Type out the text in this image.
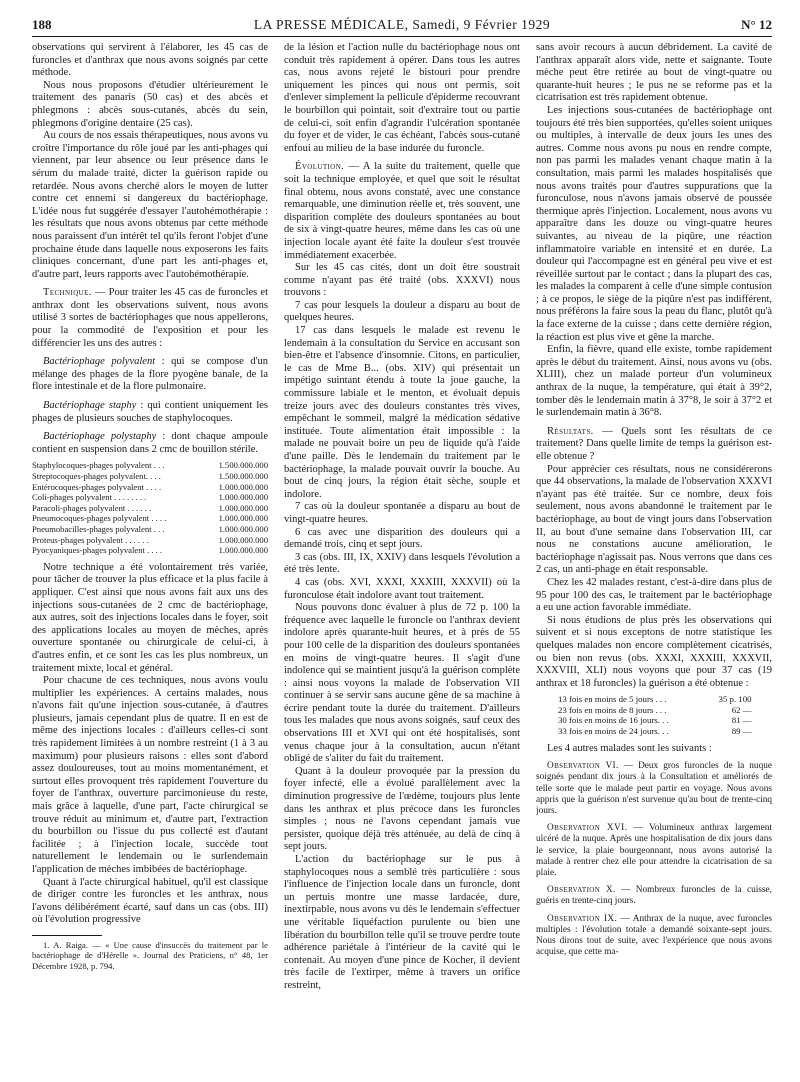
188	LA PRESSE MÉDICALE, Samedi, 9 Février 1929	N° 12

observations qui servirent à l'élaborer, les 45 cas de furoncles et d'anthrax que nous avons soignés par cette méthode.

Nous nous proposons d'étudier ultérieurement le traitement des panaris (50 cas) et des abcès et phlegmons : abcès sous-cutanés, abcès du sein, phlegmons d'origine dentaire (25 cas).

Au cours de nos essais thérapeutiques, nous avons vu croître l'importance du rôle joué par les anti-phages qui viennent, par leur absence ou leur présence dans le sérum du malade traité, dicter la guérison rapide ou retardée. Nous avons cherché alors le moyen de lutter contre cet ennemi si dangereux du bactériophage. L'idée nous fut suggérée d'essayer l'autohémothérapie : les résultats que nous avons obtenus par cette méthode nous paraissent d'un intérêt tel qu'ils feront l'objet d'une prochaine étude dans laquelle nous exposerons les faits cliniques concernant, d'une part les anti-phages et, d'autre part, leurs rapports avec l'autohémothérapie.

Technique. — Pour traiter les 45 cas de furoncles et anthrax dont les observations suivent, nous avons utilisé 3 sortes de bactériophages que nous appellerons, pour la commodité de l'exposition et pour les différencier les uns des autres :

Bactériophage polyvalent : qui se compose d'un mélange des phages de la flore pyogène banale, de la flore intestinale et de la flore pulmonaire.

Bactériophage staphy : qui contient uniquement les phages de plusieurs souches de staphylocoques.

Bactériophage polystaphy : dont chaque ampoule contient en suspension dans 2 cmc de bouillon stérile.

Staphylocoques-phages polyvalent . . .	1.500.000.000
Streptocoques-phages polyvalent. . . .	1.500.000.000
Entérocoques-phages polyvalent . . . .	1.000.000.000
Coli-phages polyvalent . . . . . . . .	1.000.000.000
Paracoli-phages polyvalent . . . . . .	1.000.000.000
Pneumocoques-phages polyvalent . . . .	1.000.000.000
Pneumobacilles-phages polyvalent . . .	1.000.000.000
Proteus-phages polyvalent . . . . . .	1.000.000.000
Pyocyaniques-phages polyvalent . . . .	1.000.000.000

Notre technique a été volontairement très variée, pour tâcher de trouver la plus efficace et la plus facile à appliquer. C'est ainsi que nous avons fait aux uns des injections sous-cutanées de 2 cmc de bactériophage, aux autres, soit des injections locales dans le foyer, soit des applications locales au moyen de mèches, après ouverture spontanée ou chirurgicale de celui-ci, à d'autres enfin, et ce sont les cas les plus nombreux, un traitement mixte, local et général.

Pour chacune de ces techniques, nous avons voulu multiplier les expériences. A certains malades, nous n'avons fait qu'une injection sous-cutanée, à d'autres plusieurs, jamais cependant plus de quatre. Il en est de même des injections locales : d'ailleurs celles-ci sont très rapidement limitées à un nombre restreint (1 à 3 au maximum) pour plusieurs raisons : elles sont d'abord assez douloureuses, tout au moins momentanément, et surtout elles provoquent très rapidement l'ouverture du foyer de l'anthrax, ouverture parcimonieuse du reste, mais grâce à laquelle, d'une part, l'acte chirurgical se trouve réduit au minimum et, d'autre part, l'extraction du bourbillon ou l'issue du pus collecté est d'autant facilitée ; à l'injection locale, succède tout naturellement le lendemain ou le surlendemain l'application de mèches imbibées de bactériophage.

Quant à l'acte chirurgical habituel, qu'il est classique de diriger contre les furoncles et les anthrax, nous l'avons délibérément écarté, sauf dans un cas (obs. III) où l'évolution progressive

1. A. Raiga. — « Une cause d'insuccès du traitement par le bactériophage de d'Hérelle ». Journal des Praticiens, n° 48, 1er Décembre 1928, p. 794.

de la lésion et l'action nulle du bactériophage nous ont conduit très rapidement à opérer. Dans tous les autres cas, nous avons rejeté le bistouri pour prendre uniquement les pinces qui nous ont permis, soit d'enlever simplement la pellicule d'épiderme recouvrant le bourbillon qui pointait, soit d'extraire tout ou partie de celui-ci, soit enfin d'agrandir l'ulcération spontanée du foyer et de vider, le cas échéant, l'abcès sous-cutané enfoui au milieu de la base indurée du furoncle.

Évolution. — A la suite du traitement, quelle que soit la technique employée, et quel que soit le résultat final obtenu, nous avons constaté, avec une constance remarquable, une diminution réelle et, très souvent, une disparition complète des douleurs spontanées au bout de six à vingt-quatre heures, même dans les cas où une injection locale ayant été faite la douleur s'est trouvée immédiatement exacerbée.

Sur les 45 cas cités, dont un doit être soustrait comme n'ayant pas été traité (obs. XXXVI) nous trouvons :

7 cas pour lesquels la douleur a disparu au bout de quelques heures.

17 cas dans lesquels le malade est revenu le lendemain à la consultation du Service en accusant son bien-être et l'absence d'insomnie. Citons, en particulier, le cas de Mme B... (obs. XIV) qui présentait un impétigo suintant étendu à toute la joue gauche, la commissure labiale et le menton, et évoluait depuis treize jours avec des douleurs constantes très vives, empêchant le sommeil, malgré la médication sédative instituée. Toute alimentation était impossible : la malade ne pouvait boire un peu de liquide qu'à l'aide d'une paille. Dès le lendemain du traitement par le bactériophage, la malade pouvait ouvrir la bouche. Au bout de cinq jours, la région était sèche, souple et indolore.

7 cas où la douleur spontanée a disparu au bout de vingt-quatre heures.

6 cas avec une disparition des douleurs qui a demandé trois, cinq et sept jours.

3 cas (obs. III, IX, XXIV) dans lesquels l'évolution a été très lente.

4 cas (obs. XVI, XXXI, XXXIII, XXXVII) où la furonculose était indolore avant tout traitement.

Nous pouvons donc évaluer à plus de 72 p. 100 la fréquence avec laquelle le furoncle ou l'anthrax devient indolore après quarante-huit heures, et à près de 55 pour 100 celle de la disparition des douleurs spontanées en moins de vingt-quatre heures. Il s'agit d'une indolence qui se maintient jusqu'à la guérison complète : ainsi nous voyons la malade de l'observation VII continuer à se servir sans aucune gêne de sa machine à écrire pendant toute la durée du traitement. D'ailleurs tous les malades que nous avons soignés, sauf ceux des observations III et XVI qui ont été hospitalisés, sont venus chaque jour à la consultation, aucun n'étant obligé de s'aliter du fait du traitement.

Quant à la douleur provoquée par la pression du foyer infecté, elle a évolué parallèlement avec la diminution progressive de l'œdème, toujours plus lente dans les anthrax et plus précoce dans les furoncles simples ; nous ne l'avons cependant jamais vue persister, quoique déjà très atténuée, au delà de cinq à sept jours.

L'action du bactériophage sur le pus à staphylocoques nous a semblé très particulière : sous l'influence de l'injection locale dans un furoncle, dont un pertuis montre une masse lardacée, dure, inextirpable, nous avons vu dès le lendemain s'effectuer une véritable liquéfaction purulente ou bien une libération du bourbillon telle qu'il se trouve perdre toute adhérence pariétale à l'intérieur de la cavité qui le contenait. Au moyen d'une pince de Kocher, il devient très facile de l'extirper, même à travers un orifice restreint,

sans avoir recours à aucun débridement. La cavité de l'anthrax apparaît alors vide, nette et saignante. Toute mèche peut être retirée au bout de vingt-quatre ou quarante-huit heures ; le pus ne se reforme pas et la cicatrisation est très rapidement obtenue.

Les injections sous-cutanées de bactériophage ont toujours été très bien supportées, qu'elles soient uniques ou multiples, à intervalle de deux jours les unes des autres. Comme nous avons pu nous en rendre compte, non pas parmi les malades venant chaque matin à la consultation, mais parmi les malades hospitalisés que nous avons traités pour d'autres suppurations que la furonculose, nous n'avons jamais observé de poussée thermique après l'injection. Localement, nous avons vu apparaître dans les douze ou vingt-quatre heures suivantes, au niveau de la piqûre, une réaction inflammatoire variable en intensité et en durée. La douleur qui l'accompagne est en général peu vive et est réveillée surtout par le contact ; dans la plupart des cas, les malades la comparent à celle d'une simple contusion ; à ce propos, le siège de la piqûre n'est pas indifférent, nous préférons la faire sous la peau du flanc, plutôt qu'à la face externe de la cuisse ; dans cette dernière région, la réaction est plus vive et gêne la marche.

Enfin, la fièvre, quand elle existe, tombe rapidement après le début du traitement. Ainsi, nous avons vu (obs. XLIII), chez un malade porteur d'un volumineux anthrax de la nuque, la température, qui était à 39°2, tomber dès le lendemain matin à 37°8, le soir à 37°2 et le surlendemain matin à 36°8.

Résultats. — Quels sont les résultats de ce traitement? Dans quelle limite de temps la guérison est-elle obtenue ?

Pour apprécier ces résultats, nous ne considérerons que 44 observations, la malade de l'observation XXXVI n'ayant pas été traitée. Sur ce nombre, deux fois seulement, nous avons abandonné le traitement par le bactériophage, au bout de vingt jours dans l'observation II, au bout d'une semaine dans l'observation III, car nous ne constations aucune amélioration, le bactériophage n'agissait pas. Nous verrons que dans ces 2 cas, un anti-phage en était responsable.

Chez les 42 malades restant, c'est-à-dire dans plus de 95 pour 100 des cas, le traitement par le bactériophage a eu une action favorable immédiate.

Si nous étudions de plus près les observations qui suivent et si nous exceptons de notre statistique les quelques malades non encore complètement cicatrisés, ou bien non revus (obs. XXXI, XXXIII, XXXVII, XXXVIII, XLI) nous voyons que pour 37 cas (19 anthrax et 18 furoncles) la guérison a été obtenue :

13 fois en moins de 5 jours . . .	35 p. 100
23 fois en moins de 8 jours . . .	62 —
30 fois en moins de 16 jours. . .	81 —
33 fois en moins de 24 jours. . .	89 —

Les 4 autres malades sont les suivants :

Observation VI. — Deux gros furoncles de la nuque soignés pendant dix jours à la Consultation et améliorés de telle sorte que le malade peut partir en voyage. Nous avons appris que la guérison n'est survenue qu'au bout de trente-cinq jours.

Observation XVI. — Volumineux anthrax largement ulcéré de la nuque. Après une hospitalisation de dix jours dans le service, la plaie bourgeonnant, nous avons autorisé la malade à rentrer chez elle pour attendre la cicatrisation de sa plaie.

Observation X. — Nombreux furoncles de la cuisse, guéris en trente-cinq jours.

Observation IX. — Anthrax de la nuque, avec furoncles multiples : l'évolution totale a demandé soixante-sept jours. Nous dirons tout de suite, avec l'expérience que nous avons acquise, que cette ma-
